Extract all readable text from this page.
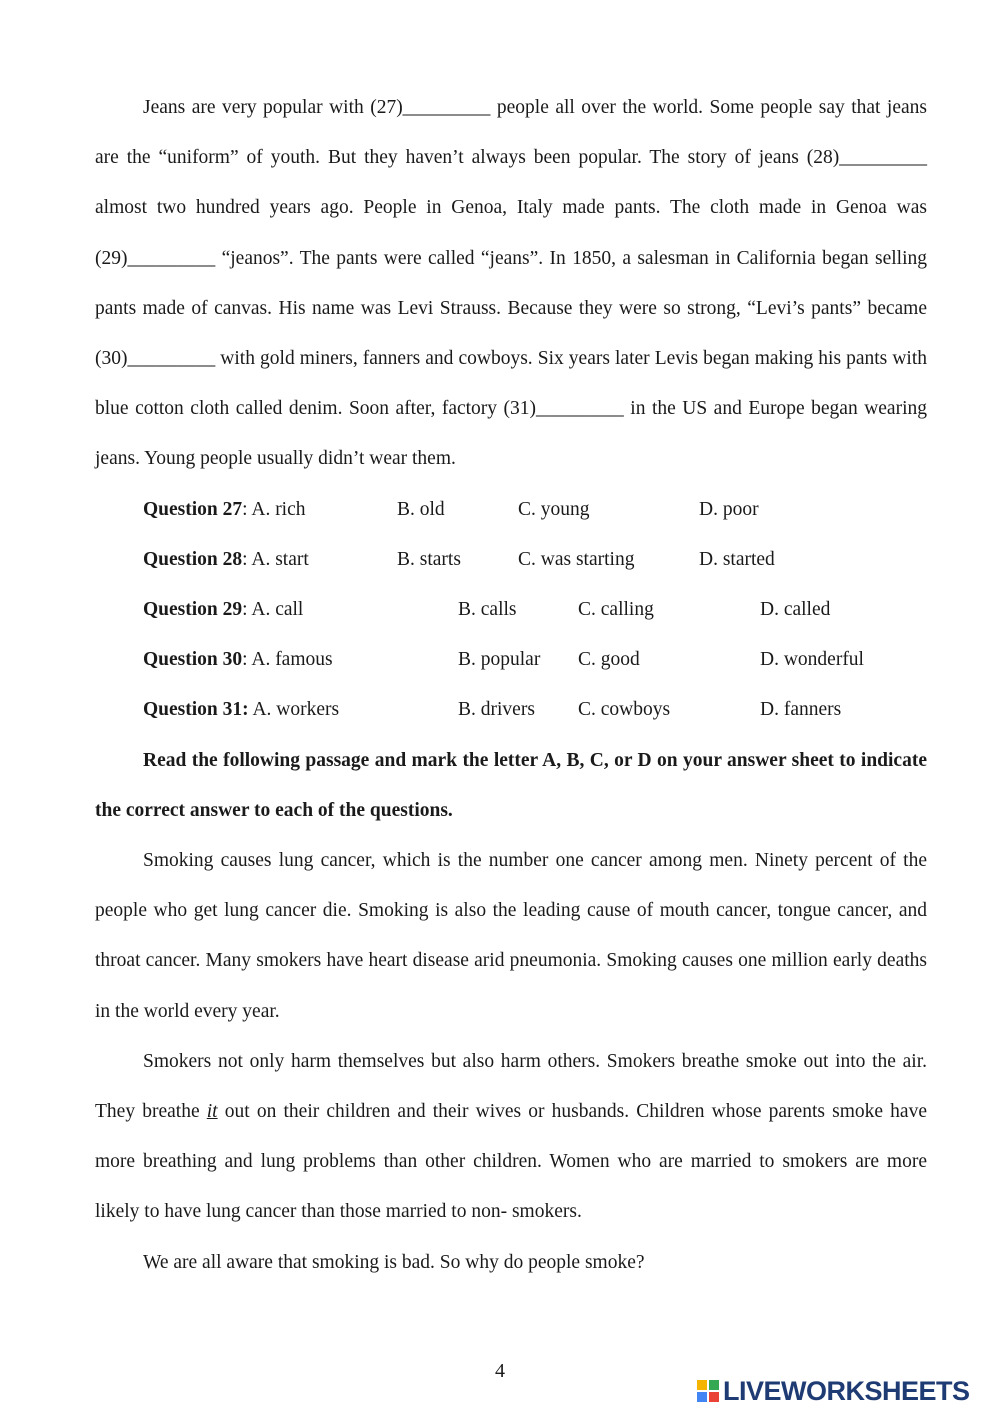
Jeans are very popular with (27)_________ people all over the world. Some people say that jeans are the “uniform” of youth. But they haven’t always been popular. The story of jeans (28)_________ almost two hundred years ago. People in Genoa, Italy made pants. The cloth made in Genoa was (29)_________ “jeanos”. The pants were called “jeans”. In 1850, a salesman in California began selling pants made of canvas. His name was Levi Strauss. Because they were so strong, “Levi’s pants” became (30)_________ with gold miners, fanners and cowboys. Six years later Levis began making his pants with blue cotton cloth called denim. Soon after, factory (31)_________ in the US and Europe began wearing jeans. Young people usually didn’t wear them.

Question 27: A. rich	B. old	C. young	D. poor
Question 28: A. start	B. starts	C. was starting	D. started
Question 29: A. call	B. calls	C. calling	D. called
Question 30: A. famous	B. popular C. good	D. wonderful
Question 31: A. workers	B. drivers C. cowboys	D. fanners

Read the following passage and mark the letter A, B, C, or D on your answer sheet to indicate the correct answer to each of the questions.

Smoking causes lung cancer, which is the number one cancer among men. Ninety percent of the people who get lung cancer die. Smoking is also the leading cause of mouth cancer, tongue cancer, and throat cancer. Many smokers have heart disease arid pneumonia. Smoking causes one million early deaths in the world every year.

Smokers not only harm themselves but also harm others. Smokers breathe smoke out into the air. They breathe it out on their children and their wives or husbands. Children whose parents smoke have more breathing and lung problems than other children. Women who are married to smokers are more likely to have lung cancer than those married to non- smokers.

We are all aware that smoking is bad. So why do people smoke?

4
LIVEWORKSHEETS
